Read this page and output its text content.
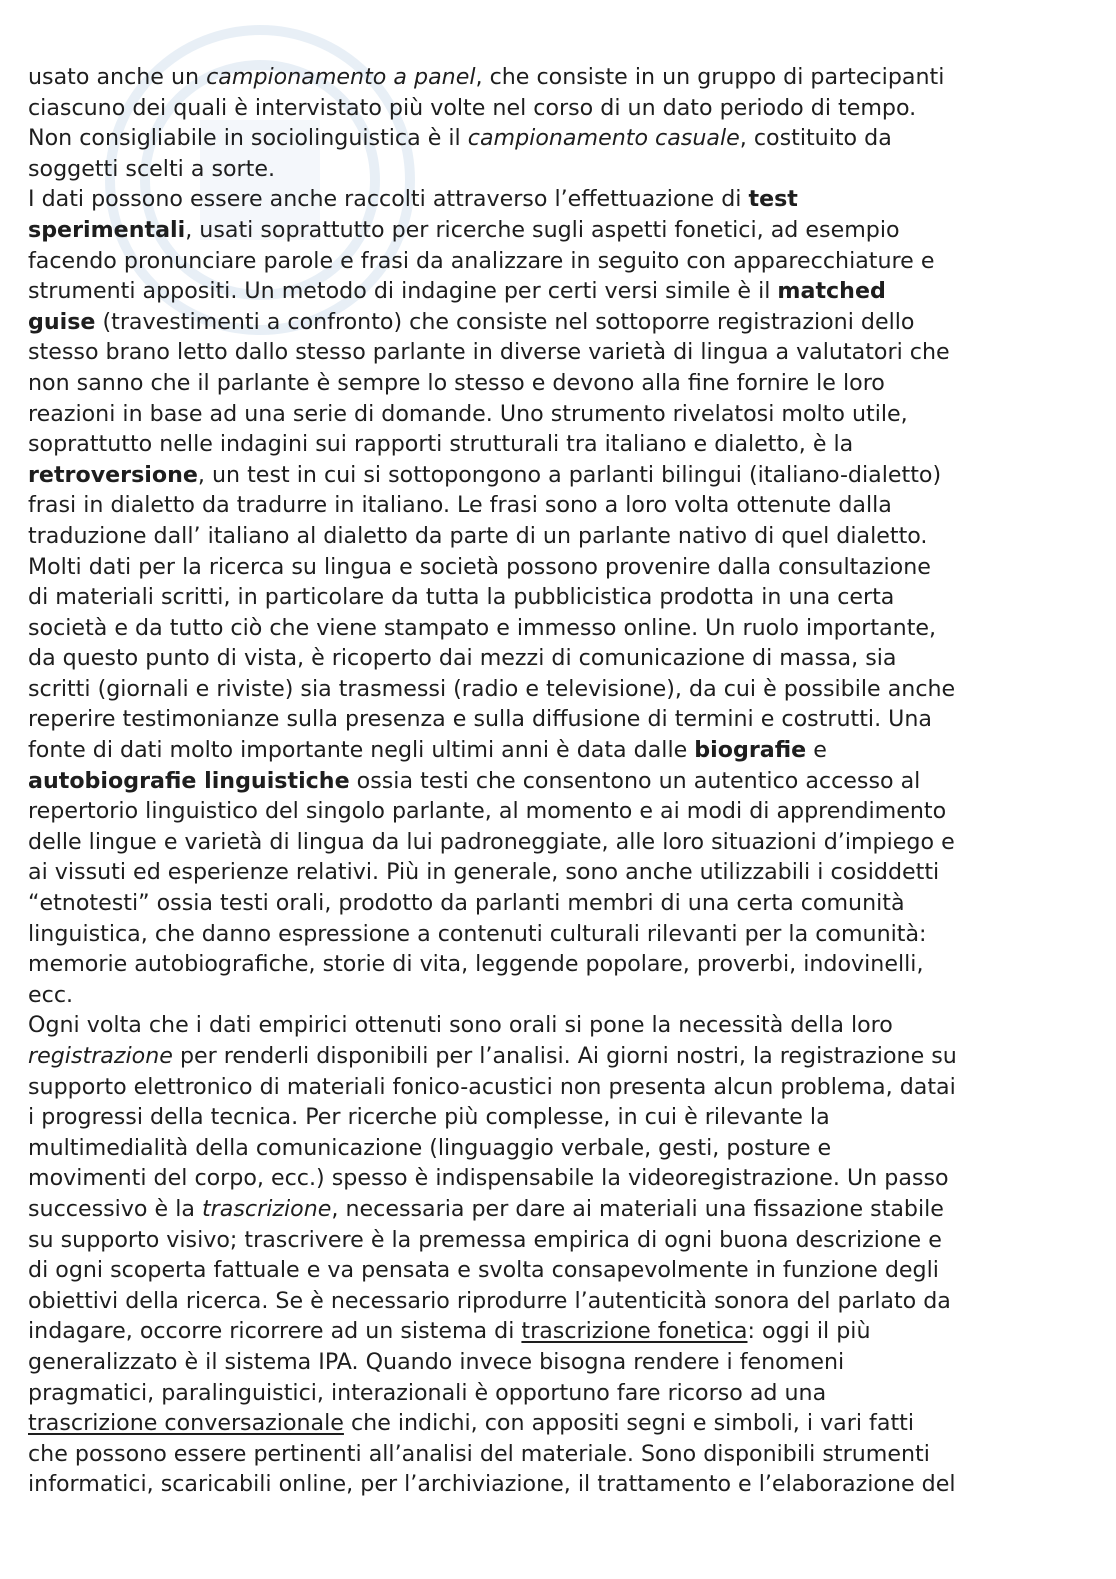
usato anche un campionamento a panel, che consiste in un gruppo di partecipanti
ciascuno dei quali è intervistato più volte nel corso di un dato periodo di tempo.
Non consigliabile in sociolinguistica è il campionamento casuale, costituito da
soggetti scelti a sorte.
I dati possono essere anche raccolti attraverso l’effettuazione di test
sperimentali, usati soprattutto per ricerche sugli aspetti fonetici, ad esempio
facendo pronunciare parole e frasi da analizzare in seguito con apparecchiature e
strumenti appositi. Un metodo di indagine per certi versi simile è il matched
guise (travestimenti a confronto) che consiste nel sottoporre registrazioni dello
stesso brano letto dallo stesso parlante in diverse varietà di lingua a valutatori che
non sanno che il parlante è sempre lo stesso e devono alla fine fornire le loro
reazioni in base ad una serie di domande. Uno strumento rivelatosi molto utile,
soprattutto nelle indagini sui rapporti strutturali tra italiano e dialetto, è la
retroversione, un test in cui si sottopongono a parlanti bilingui (italiano-dialetto)
frasi in dialetto da tradurre in italiano. Le frasi sono a loro volta ottenute dalla
traduzione dall’ italiano al dialetto da parte di un parlante nativo di quel dialetto.
Molti dati per la ricerca su lingua e società possono provenire dalla consultazione
di materiali scritti, in particolare da tutta la pubblicistica prodotta in una certa
società e da tutto ciò che viene stampato e immesso online. Un ruolo importante,
da questo punto di vista, è ricoperto dai mezzi di comunicazione di massa, sia
scritti (giornali e riviste) sia trasmessi (radio e televisione), da cui è possibile anche
reperire testimonianze sulla presenza e sulla diffusione di termini e costrutti. Una
fonte di dati molto importante negli ultimi anni è data dalle biografie e
autobiografie linguistiche ossia testi che consentono un autentico accesso al
repertorio linguistico del singolo parlante, al momento e ai modi di apprendimento
delle lingue e varietà di lingua da lui padroneggiate, alle loro situazioni d’impiego e
ai vissuti ed esperienze relativi. Più in generale, sono anche utilizzabili i cosiddetti
“etnotesti” ossia testi orali, prodotto da parlanti membri di una certa comunità
linguistica, che danno espressione a contenuti culturali rilevanti per la comunità:
memorie autobiografiche, storie di vita, leggende popolare, proverbi, indovinelli,
ecc.
Ogni volta che i dati empirici ottenuti sono orali si pone la necessità della loro
registrazione per renderli disponibili per l’analisi. Ai giorni nostri, la registrazione su
supporto elettronico di materiali fonico-acustici non presenta alcun problema, datai
i progressi della tecnica. Per ricerche più complesse, in cui è rilevante la
multimedialità della comunicazione (linguaggio verbale, gesti, posture e
movimenti del corpo, ecc.) spesso è indispensabile la videoregistrazione. Un passo
successivo è la trascrizione, necessaria per dare ai materiali una fissazione stabile
su supporto visivo; trascrivere è la premessa empirica di ogni buona descrizione e
di ogni scoperta fattuale e va pensata e svolta consapevolmente in funzione degli
obiettivi della ricerca. Se è necessario riprodurre l’autenticità sonora del parlato da
indagare, occorre ricorrere ad un sistema di trascrizione fonetica: oggi il più
generalizzato è il sistema IPA. Quando invece bisogna rendere i fenomeni
pragmatici, paralinguistici, interazionali è opportuno fare ricorso ad una
trascrizione conversazionale che indichi, con appositi segni e simboli, i vari fatti
che possono essere pertinenti all’analisi del materiale. Sono disponibili strumenti
informatici, scaricabili online, per l’archiviazione, il trattamento e l’elaborazione del
